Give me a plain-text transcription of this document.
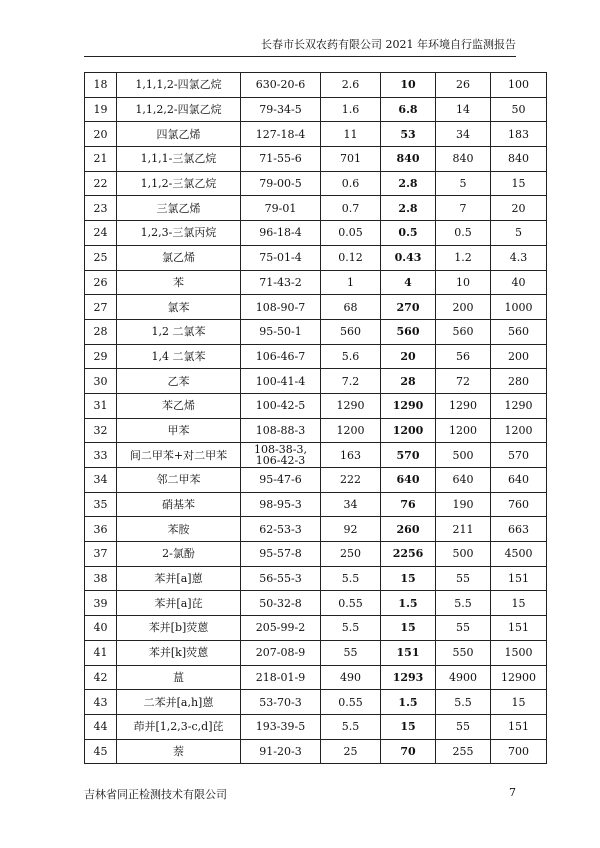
长春市长双农药有限公司 2021 年环境自行监测报告
18	1,1,1,2-四氯乙烷	630-20-6	2.6	10	26	100
19	1,1,2,2-四氯乙烷	79-34-5	1.6	6.8	14	50
20	四氯乙烯	127-18-4	11	53	34	183
21	1,1,1-三氯乙烷	71-55-6	701	840	840	840
22	1,1,2-三氯乙烷	79-00-5	0.6	2.8	5	15
23	三氯乙烯	79-01	0.7	2.8	7	20
24	1,2,3-三氯丙烷	96-18-4	0.05	0.5	0.5	5
25	氯乙烯	75-01-4	0.12	0.43	1.2	4.3
26	苯	71-43-2	1	4	10	40
27	氯苯	108-90-7	68	270	200	1000
28	1,2 二氯苯	95-50-1	560	560	560	560
29	1,4 二氯苯	106-46-7	5.6	20	56	200
30	乙苯	100-41-4	7.2	28	72	280
31	苯乙烯	100-42-5	1290	1290	1290	1290
32	甲苯	108-88-3	1200	1200	1200	1200
33	间二甲苯+对二甲苯	108-38-3, 106-42-3	163	570	500	570
34	邻二甲苯	95-47-6	222	640	640	640
35	硝基苯	98-95-3	34	76	190	760
36	苯胺	62-53-3	92	260	211	663
37	2-氯酚	95-57-8	250	2256	500	4500
38	苯并[a]蒽	56-55-3	5.5	15	55	151
39	苯并[a]芘	50-32-8	0.55	1.5	5.5	15
40	苯并[b]荧蒽	205-99-2	5.5	15	55	151
41	苯并[k]荧蒽	207-08-9	55	151	550	1500
42	蒀	218-01-9	490	1293	4900	12900
43	二苯并[a,h]蒽	53-70-3	0.55	1.5	5.5	15
44	茚并[1,2,3-c,d]芘	193-39-5	5.5	15	55	151
45	萘	91-20-3	25	70	255	700
吉林省同正检测技术有限公司	7
